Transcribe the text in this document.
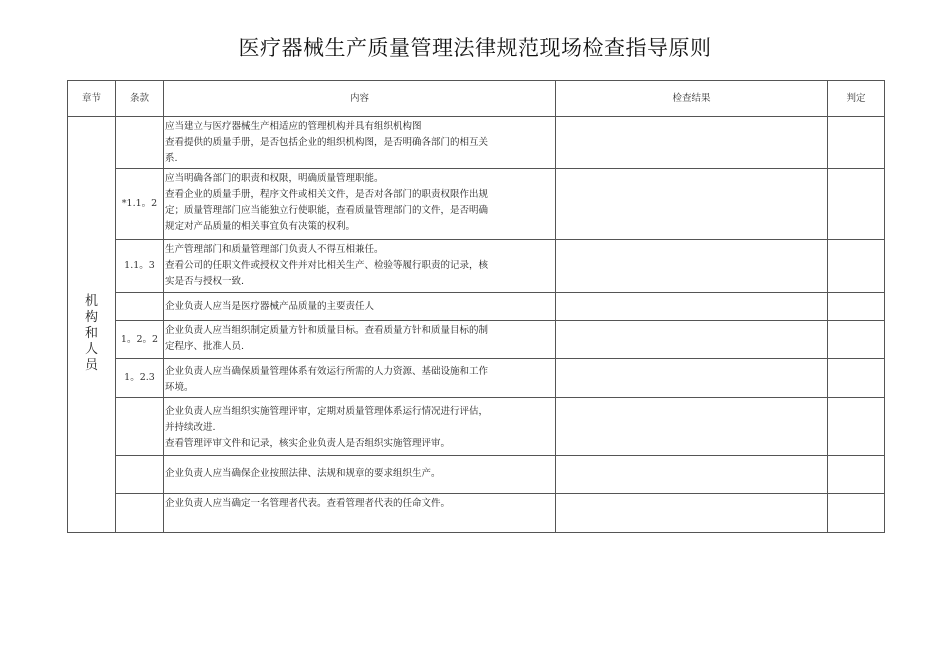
医疗器械生产质量管理法律规范现场检查指导原则
章节	条款	内容	检查结果	判定
机构和人员		应当建立与医疗器械生产相适应的管理机构并具有组织机构图

查看提供的质量手册，是否包括企业的组织机构图，是否明确各部门的相互关

系.		

	*1.1。2	应当明确各部门的职责和权限，明确质量管理职能。

查看企业的质量手册，程序文件或相关文件，是否对各部门的职责权限作出规

定；质量管理部门应当能独立行使职能，查看质量管理部门的文件，是否明确

规定对产品质量的相关事宜负有决策的权利。		

	1.1。3	生产管理部门和质量管理部门负责人不得互相兼任。

查看公司的任职文件或授权文件并对比相关生产、检验等履行职责的记录，核

实是否与授权一致.		

		企业负责人应当是医疗器械产品质量的主要责任人		

	1。2。2	企业负责人应当组织制定质量方针和质量目标。查看质量方针和质量目标的制

定程序、批准人员.		

	1。2.3	企业负责人应当确保质量管理体系有效运行所需的人力资源、基础设施和工作

环境。		

		企业负责人应当组织实施管理评审，定期对质量管理体系运行情况进行评估，

并持续改进.

查看管理评审文件和记录，核实企业负责人是否组织实施管理评审。		

		企业负责人应当确保企业按照法律、法规和规章的要求组织生产。		

		企业负责人应当确定一名管理者代表。查看管理者代表的任命文件。		
